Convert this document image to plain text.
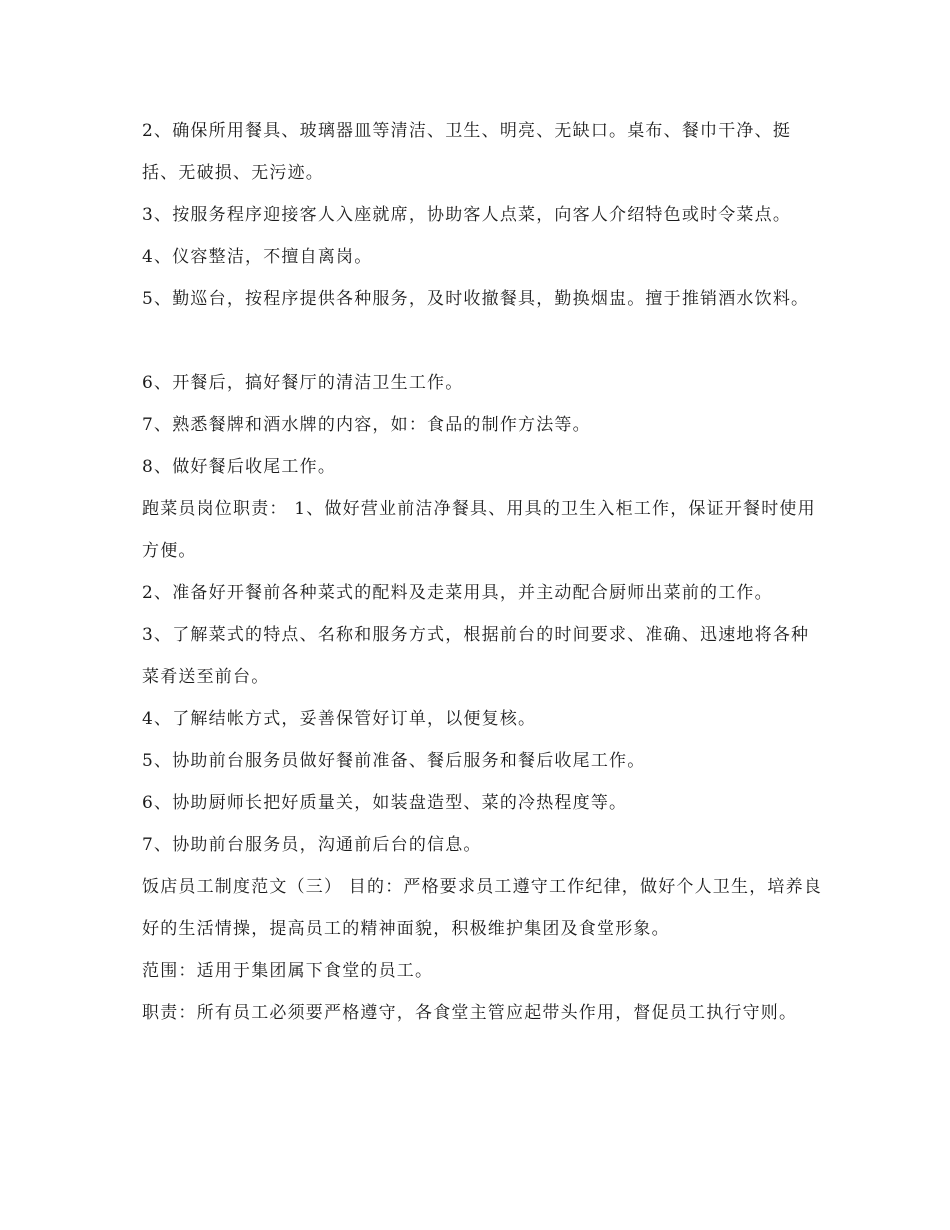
2、确保所用餐具、玻璃器皿等清洁、卫生、明亮、无缺口。桌布、餐巾干净、挺括、无破损、无污迹。

3、按服务程序迎接客人入座就席，协助客人点菜，向客人介绍特色或时令菜点。

4、仪容整洁，不擅自离岗。

5、勤巡台，按程序提供各种服务，及时收撤餐具，勤换烟盅。擅于推销酒水饮料。

6、开餐后，搞好餐厅的清洁卫生工作。

7、熟悉餐牌和酒水牌的内容，如：食品的制作方法等。

8、做好餐后收尾工作。

跑菜员岗位职责： 1、做好营业前洁净餐具、用具的卫生入柜工作，保证开餐时使用方便。

2、准备好开餐前各种菜式的配料及走菜用具，并主动配合厨师出菜前的工作。

3、了解菜式的特点、名称和服务方式，根据前台的时间要求、准确、迅速地将各种菜肴送至前台。

4、了解结帐方式，妥善保管好订单，以便复核。

5、协助前台服务员做好餐前准备、餐后服务和餐后收尾工作。

6、协助厨师长把好质量关，如装盘造型、菜的冷热程度等。

7、协助前台服务员，沟通前后台的信息。

饭店员工制度范文（三） 目的：严格要求员工遵守工作纪律，做好个人卫生，培养良好的生活情操，提高员工的精神面貌，积极维护集团及食堂形象。

范围：适用于集团属下食堂的员工。

职责：所有员工必须要严格遵守，各食堂主管应起带头作用，督促员工执行守则。
